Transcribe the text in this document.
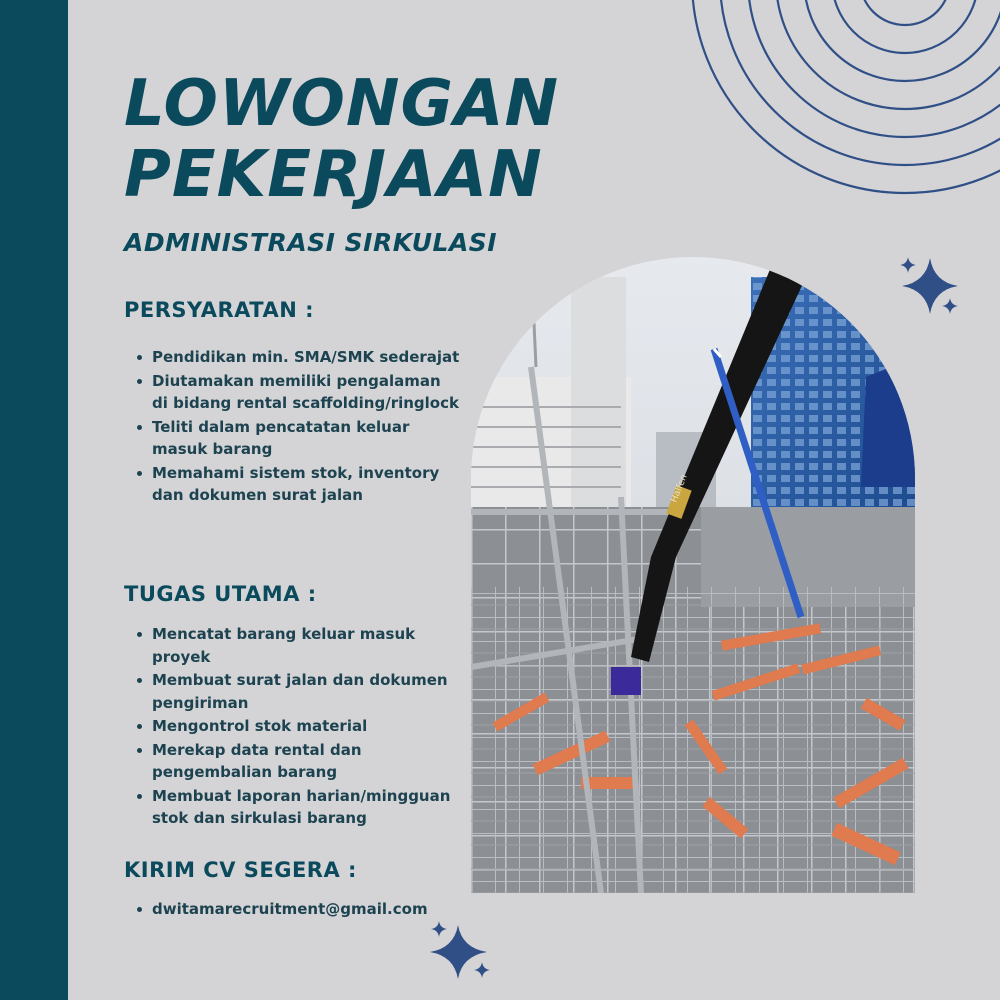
LOWONGAN
PEKERJAAN
ADMINISTRASI SIRKULASI
PERSYARATAN :
Pendidikan min. SMA/SMK sederajat
Diutamakan memiliki pengalaman di bidang rental scaffolding/ringlock
Teliti dalam pencatatan keluar masuk barang
Memahami sistem stok, inventory dan dokumen surat jalan
TUGAS UTAMA :
Mencatat barang keluar masuk proyek
Membuat surat jalan dan dokumen pengiriman
Mengontrol stok material
Merekap data rental dan pengembalian barang
Membuat laporan harian/mingguan stok dan sirkulasi barang
KIRIM CV SEGERA :
dwitamarecruitment@gmail.com
Halfen
